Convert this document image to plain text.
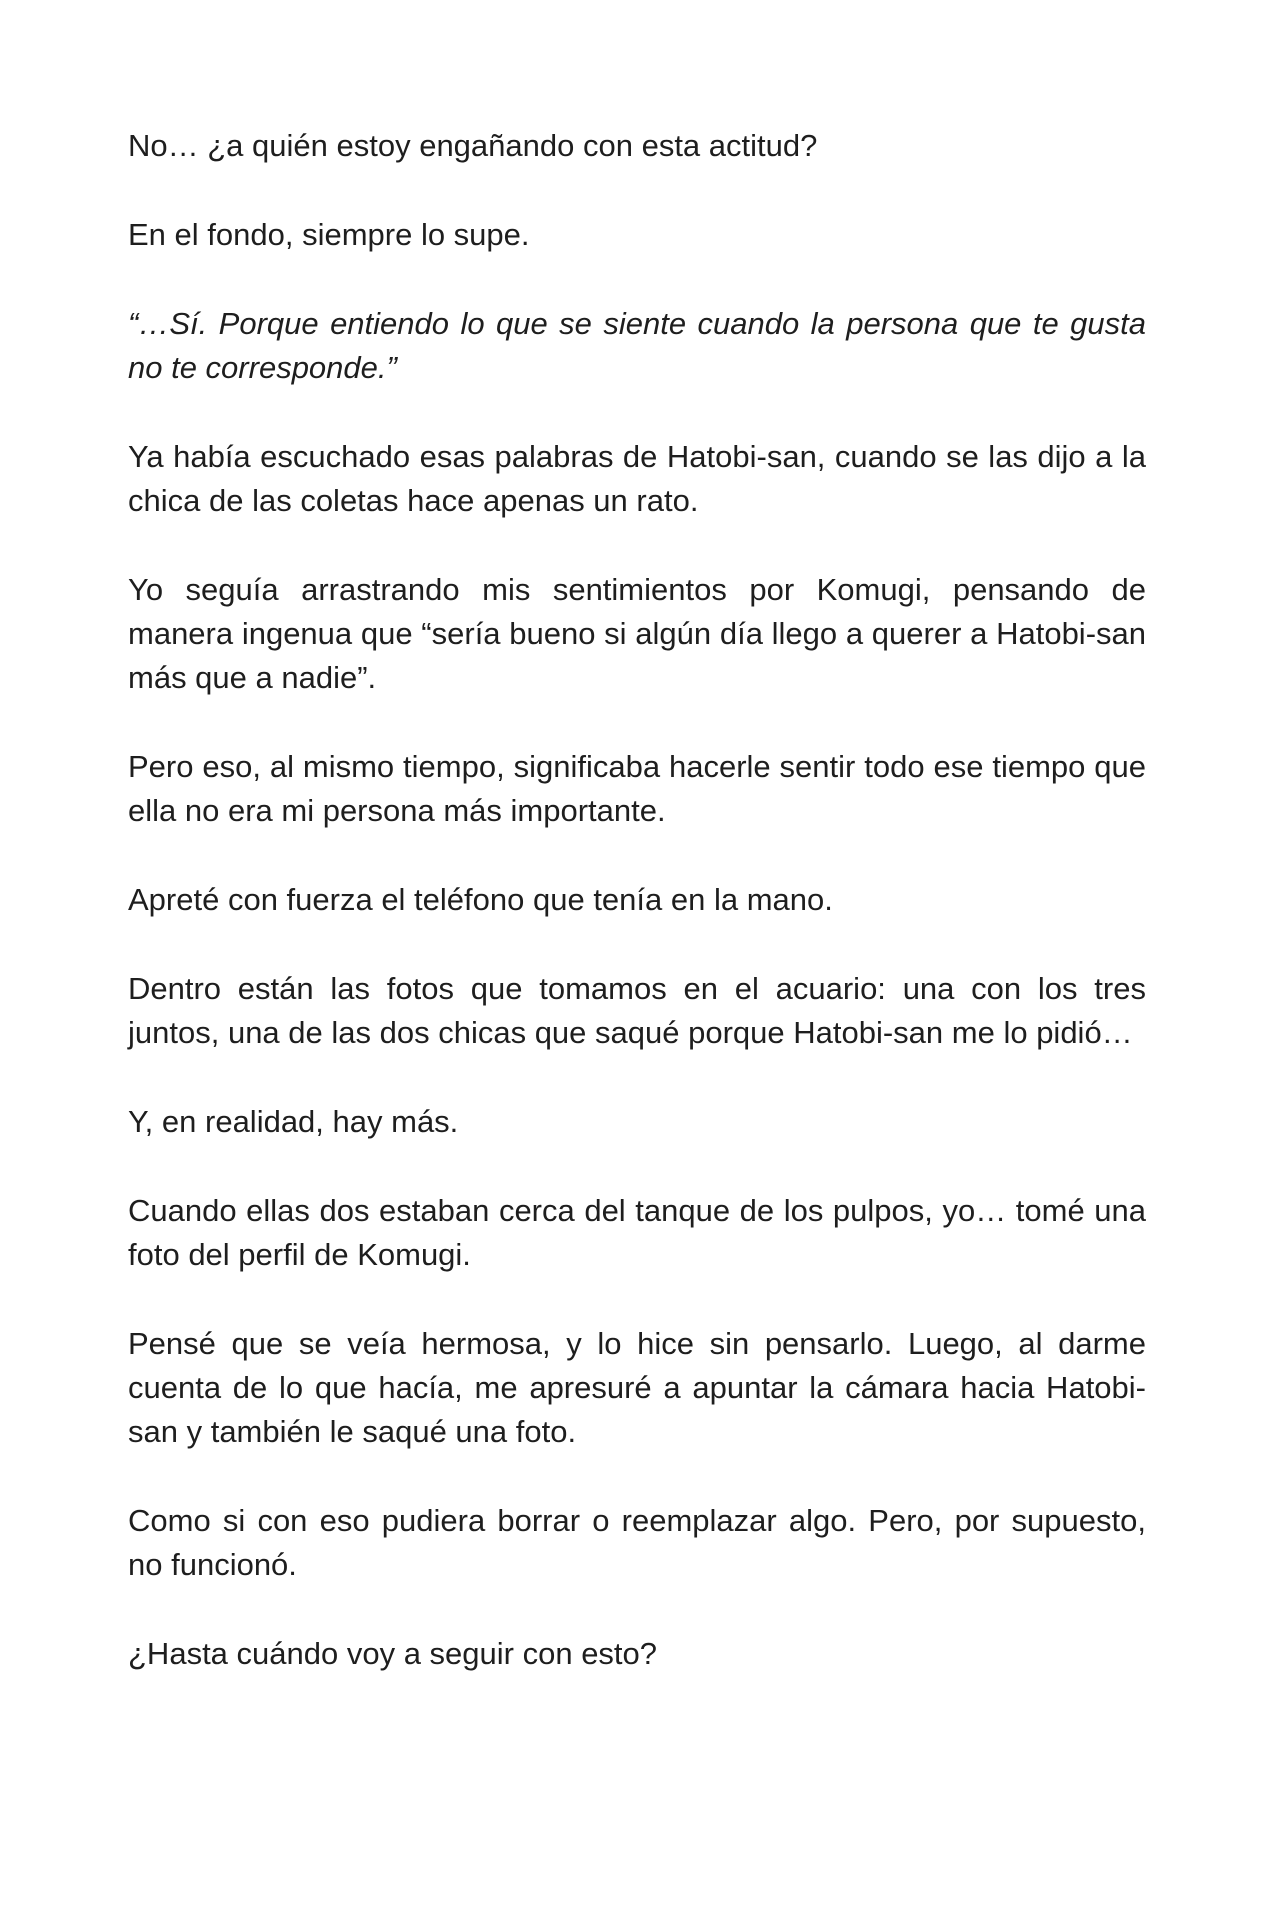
No… ¿a quién estoy engañando con esta actitud?

En el fondo, siempre lo supe.

“…Sí. Porque entiendo lo que se siente cuando la persona que te gusta no te corresponde.”

Ya había escuchado esas palabras de Hatobi-san, cuando se las dijo a la chica de las coletas hace apenas un rato.

Yo seguía arrastrando mis sentimientos por Komugi, pensando de manera ingenua que “sería bueno si algún día llego a querer a Hatobi-san más que a nadie”.

Pero eso, al mismo tiempo, significaba hacerle sentir todo ese tiempo que ella no era mi persona más importante.

Apreté con fuerza el teléfono que tenía en la mano.

Dentro están las fotos que tomamos en el acuario: una con los tres juntos, una de las dos chicas que saqué porque Hatobi-san me lo pidió…

Y, en realidad, hay más.

Cuando ellas dos estaban cerca del tanque de los pulpos, yo… tomé una foto del perfil de Komugi.

Pensé que se veía hermosa, y lo hice sin pensarlo. Luego, al darme cuenta de lo que hacía, me apresuré a apuntar la cámara hacia Hatobi-san y también le saqué una foto.

Como si con eso pudiera borrar o reemplazar algo. Pero, por supuesto, no funcionó.

¿Hasta cuándo voy a seguir con esto?
